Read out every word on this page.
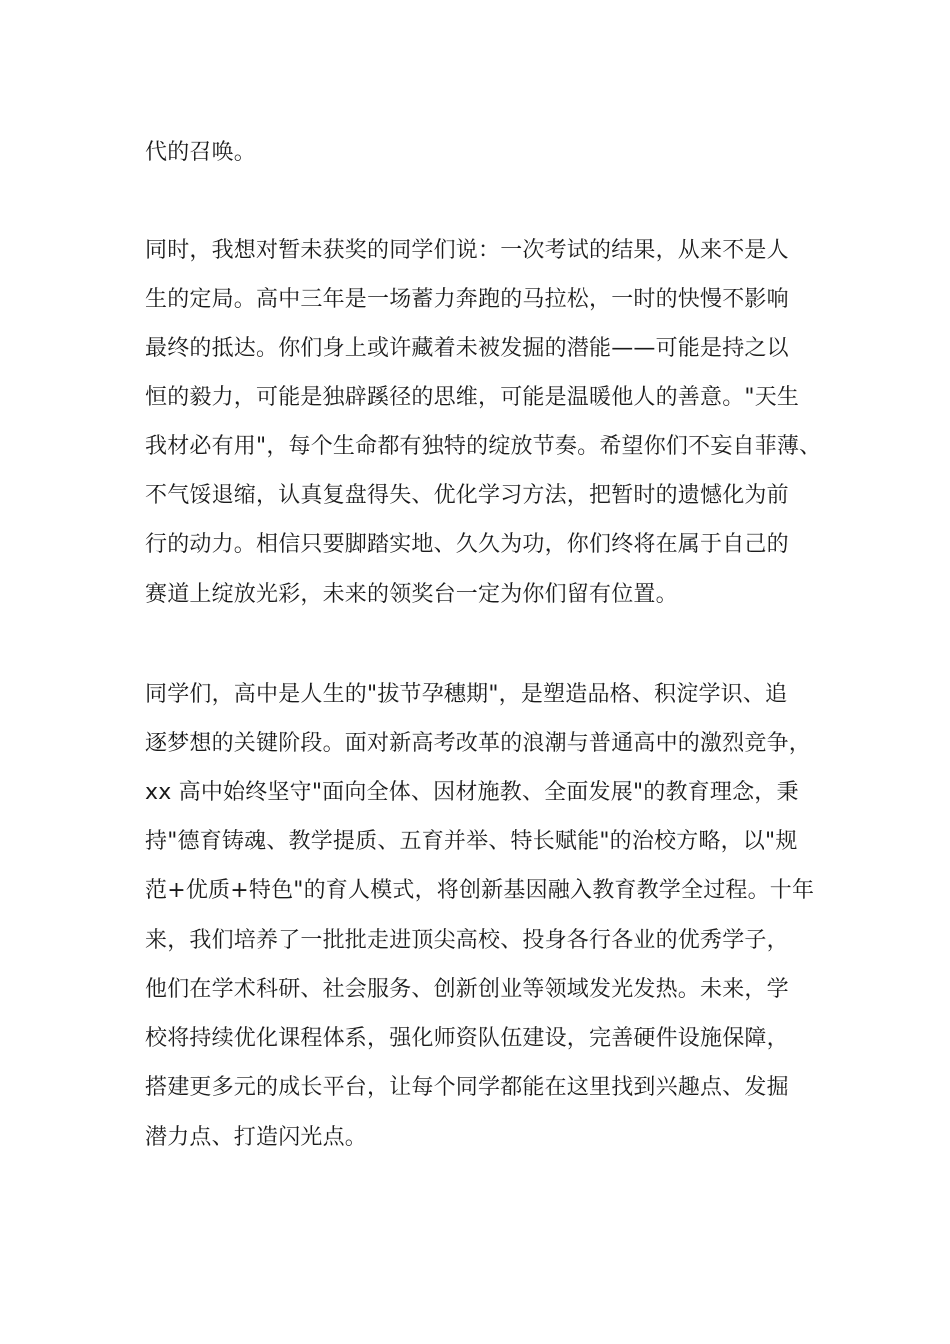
代的召唤。

同时，我想对暂未获奖的同学们说：一次考试的结果，从来不是人

生的定局。高中三年是一场蓄力奔跑的马拉松，一时的快慢不影响

最终的抵达。你们身上或许藏着未被发掘的潜能——可能是持之以

恒的毅力，可能是独辟蹊径的思维，可能是温暖他人的善意。"天生

我材必有用"，每个生命都有独特的绽放节奏。希望你们不妄自菲薄、

不气馁退缩，认真复盘得失、优化学习方法，把暂时的遗憾化为前

行的动力。相信只要脚踏实地、久久为功，你们终将在属于自己的

赛道上绽放光彩，未来的领奖台一定为你们留有位置。

同学们，高中是人生的"拔节孕穗期"，是塑造品格、积淀学识、追

逐梦想的关键阶段。面对新高考改革的浪潮与普通高中的激烈竞争，

xx 高中始终坚守"面向全体、因材施教、全面发展"的教育理念，秉

持"德育铸魂、教学提质、五育并举、特长赋能"的治校方略，以"规

范+优质+特色"的育人模式，将创新基因融入教育教学全过程。十年

来，我们培养了一批批走进顶尖高校、投身各行各业的优秀学子，

他们在学术科研、社会服务、创新创业等领域发光发热。未来，学

校将持续优化课程体系，强化师资队伍建设，完善硬件设施保障，

搭建更多元的成长平台，让每个同学都能在这里找到兴趣点、发掘

潜力点、打造闪光点。
